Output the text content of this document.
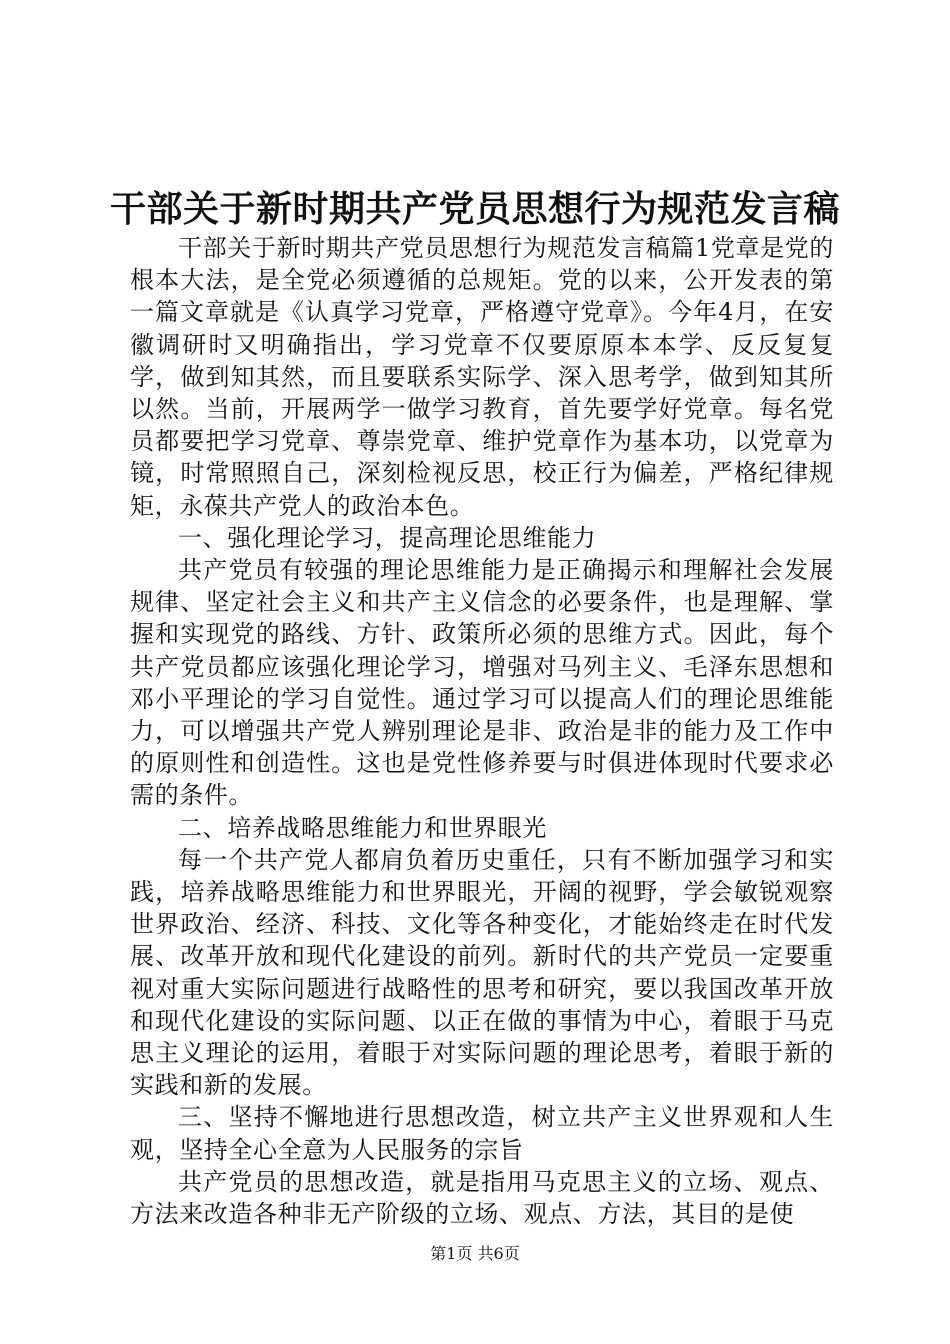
干部关于新时期共产党员思想行为规范发言稿

干部关于新时期共产党员思想行为规范发言稿篇1党章是党的根本大法，是全党必须遵循的总规矩。党的以来，公开发表的第一篇文章就是《认真学习党章，严格遵守党章》。今年4月，在安徽调研时又明确指出，学习党章不仅要原原本本学、反反复复学，做到知其然，而且要联系实际学、深入思考学，做到知其所以然。当前，开展两学一做学习教育，首先要学好党章。每名党员都要把学习党章、尊崇党章、维护党章作为基本功，以党章为镜，时常照照自己，深刻检视反思，校正行为偏差，严格纪律规矩，永葆共产党人的政治本色。

一、强化理论学习，提高理论思维能力

共产党员有较强的理论思维能力是正确揭示和理解社会发展规律、坚定社会主义和共产主义信念的必要条件，也是理解、掌握和实现党的路线、方针、政策所必须的思维方式。因此，每个共产党员都应该强化理论学习，增强对马列主义、毛泽东思想和邓小平理论的学习自觉性。通过学习可以提高人们的理论思维能力，可以增强共产党人辨别理论是非、政治是非的能力及工作中的原则性和创造性。这也是党性修养要与时俱进体现时代要求必需的条件。

二、培养战略思维能力和世界眼光

每一个共产党人都肩负着历史重任，只有不断加强学习和实践，培养战略思维能力和世界眼光，开阔的视野，学会敏锐观察世界政治、经济、科技、文化等各种变化，才能始终走在时代发展、改革开放和现代化建设的前列。新时代的共产党员一定要重视对重大实际问题进行战略性的思考和研究，要以我国改革开放和现代化建设的实际问题、以正在做的事情为中心，着眼于马克思主义理论的运用，着眼于对实际问题的理论思考，着眼于新的实践和新的发展。

三、坚持不懈地进行思想改造，树立共产主义世界观和人生观，坚持全心全意为人民服务的宗旨

共产党员的思想改造，就是指用马克思主义的立场、观点、方法来改造各种非无产阶级的立场、观点、方法，其目的是使

第1页 共6页
